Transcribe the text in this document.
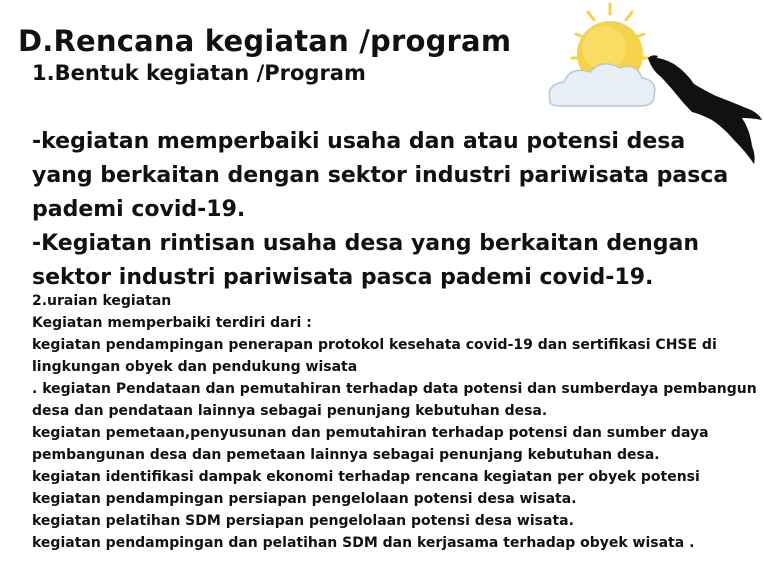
D.Rencana kegiatan /program
1.Bentuk kegiatan /Program
-kegiatan memperbaiki usaha dan atau potensi desa
yang berkaitan dengan sektor industri pariwisata pasca
pademi covid-19.
-Kegiatan rintisan usaha desa yang berkaitan dengan
sektor industri pariwisata pasca pademi covid-19.
2.uraian kegiatan
Kegiatan memperbaiki terdiri dari :
kegiatan pendampingan penerapan protokol kesehata covid-19 dan sertifikasi CHSE di
lingkungan obyek dan pendukung wisata
. kegiatan Pendataan dan pemutahiran terhadap data potensi dan sumberdaya pembangun
desa dan pendataan lainnya sebagai penunjang kebutuhan desa.
kegiatan pemetaan,penyusunan dan pemutahiran terhadap potensi dan sumber daya
pembangunan desa dan pemetaan lainnya sebagai penunjang kebutuhan desa.
kegiatan identifikasi dampak ekonomi terhadap rencana kegiatan per obyek potensi
kegiatan pendampingan persiapan pengelolaan potensi desa wisata.
kegiatan pelatihan SDM persiapan pengelolaan potensi desa wisata.
kegiatan pendampingan dan pelatihan SDM dan kerjasama terhadap obyek wisata .
